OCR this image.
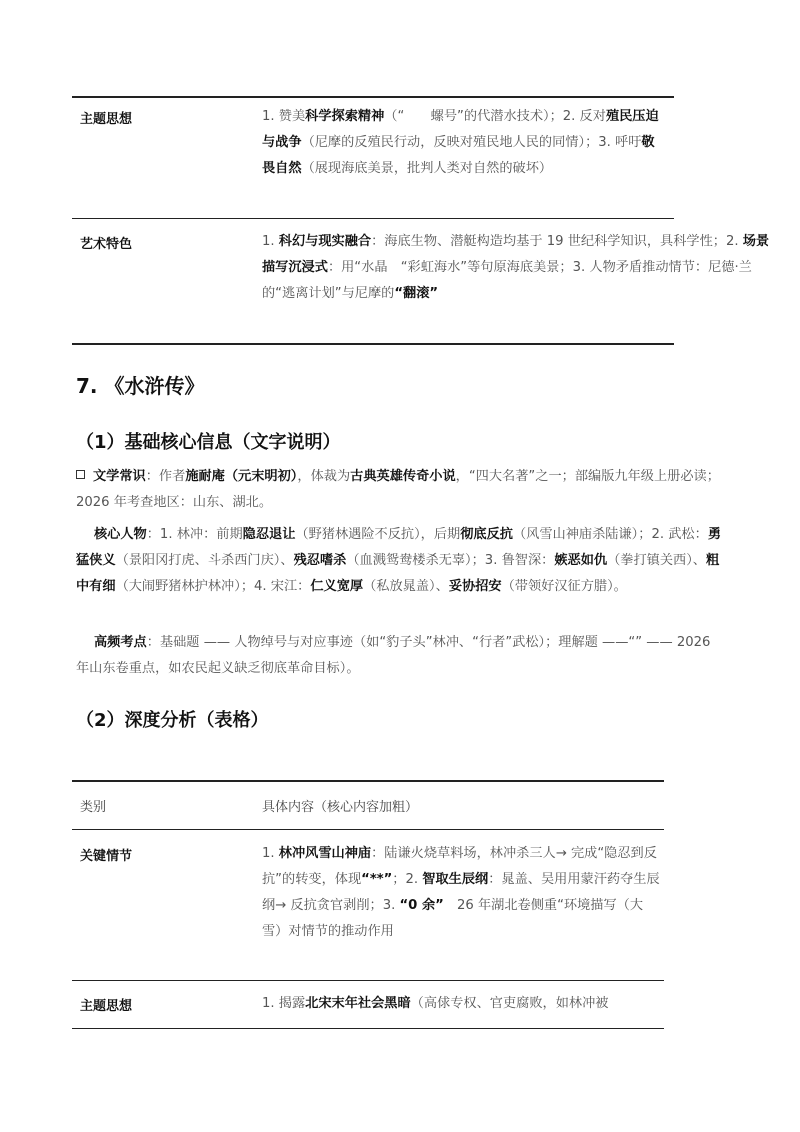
主题思想	1. 赞美科学探索精神（“　　螺号”的代潜水技术）；2. 反对殖民压迫与战争（尼摩的反殖民行动，反映对殖民地人民的同情）；3. 呼吁敬畏自然（展现海底美景，批判人类对自然的破坏）
艺术特色	1. 科幻与现实融合：海底生物、潜艇构造均基于 19 世纪科学知识，具科学性；2. 场景描写沉浸式：用“水晶　“彩虹海水”等句原海底美景；3. 人物矛盾推动情节：尼德·兰的“逃离计划”与尼摩的“翻滚”
7. 《水浒传》
（1）基础核心信息（文字说明）
文学常识：作者施耐庵（元末明初），体裁为古典英雄传奇小说，“四大名著”之一；部编版九年级上册必读；2026 年考查地区：山东、湖北。
核心人物：1. 林冲：前期隐忍退让（野猪林遇险不反抗），后期彻底反抗（风雪山神庙杀陆谦）；2. 武松：勇猛侠义（景阳冈打虎、斗杀西门庆）、残忍嗜杀（血溅鸳鸯楼杀无辜）；3. 鲁智深：嫉恶如仇（拳打镇关西）、粗中有细（大闹野猪林护林冲）；4. 宋江：仁义宽厚（私放晁盖）、妥协招安（带领好汉征方腊）。
高频考点：基础题 —— 人物绰号与对应事迹（如“豹子头”林冲、“行者”武松）；理解题 ——“” —— 2026 年山东卷重点，如农民起义缺乏彻底革命目标）。
（2）深度分析（表格）
类别	具体内容（核心内容加粗）
关键情节	1. 林冲风雪山神庙：陆谦火烧草料场，林冲杀三人→ 完成“隐忍到反抗”的转变，体现“**”；2. 智取生辰纲：晁盖、吴用用蒙汗药夺生辰纲→ 反抗贪官剥削；3. “0 余”　26 年湖北卷侧重“环境描写（大雪）对情节的推动作用
主题思想	1. 揭露北宋末年社会黑暗（高俅专权、官吏腐败，如林冲被
